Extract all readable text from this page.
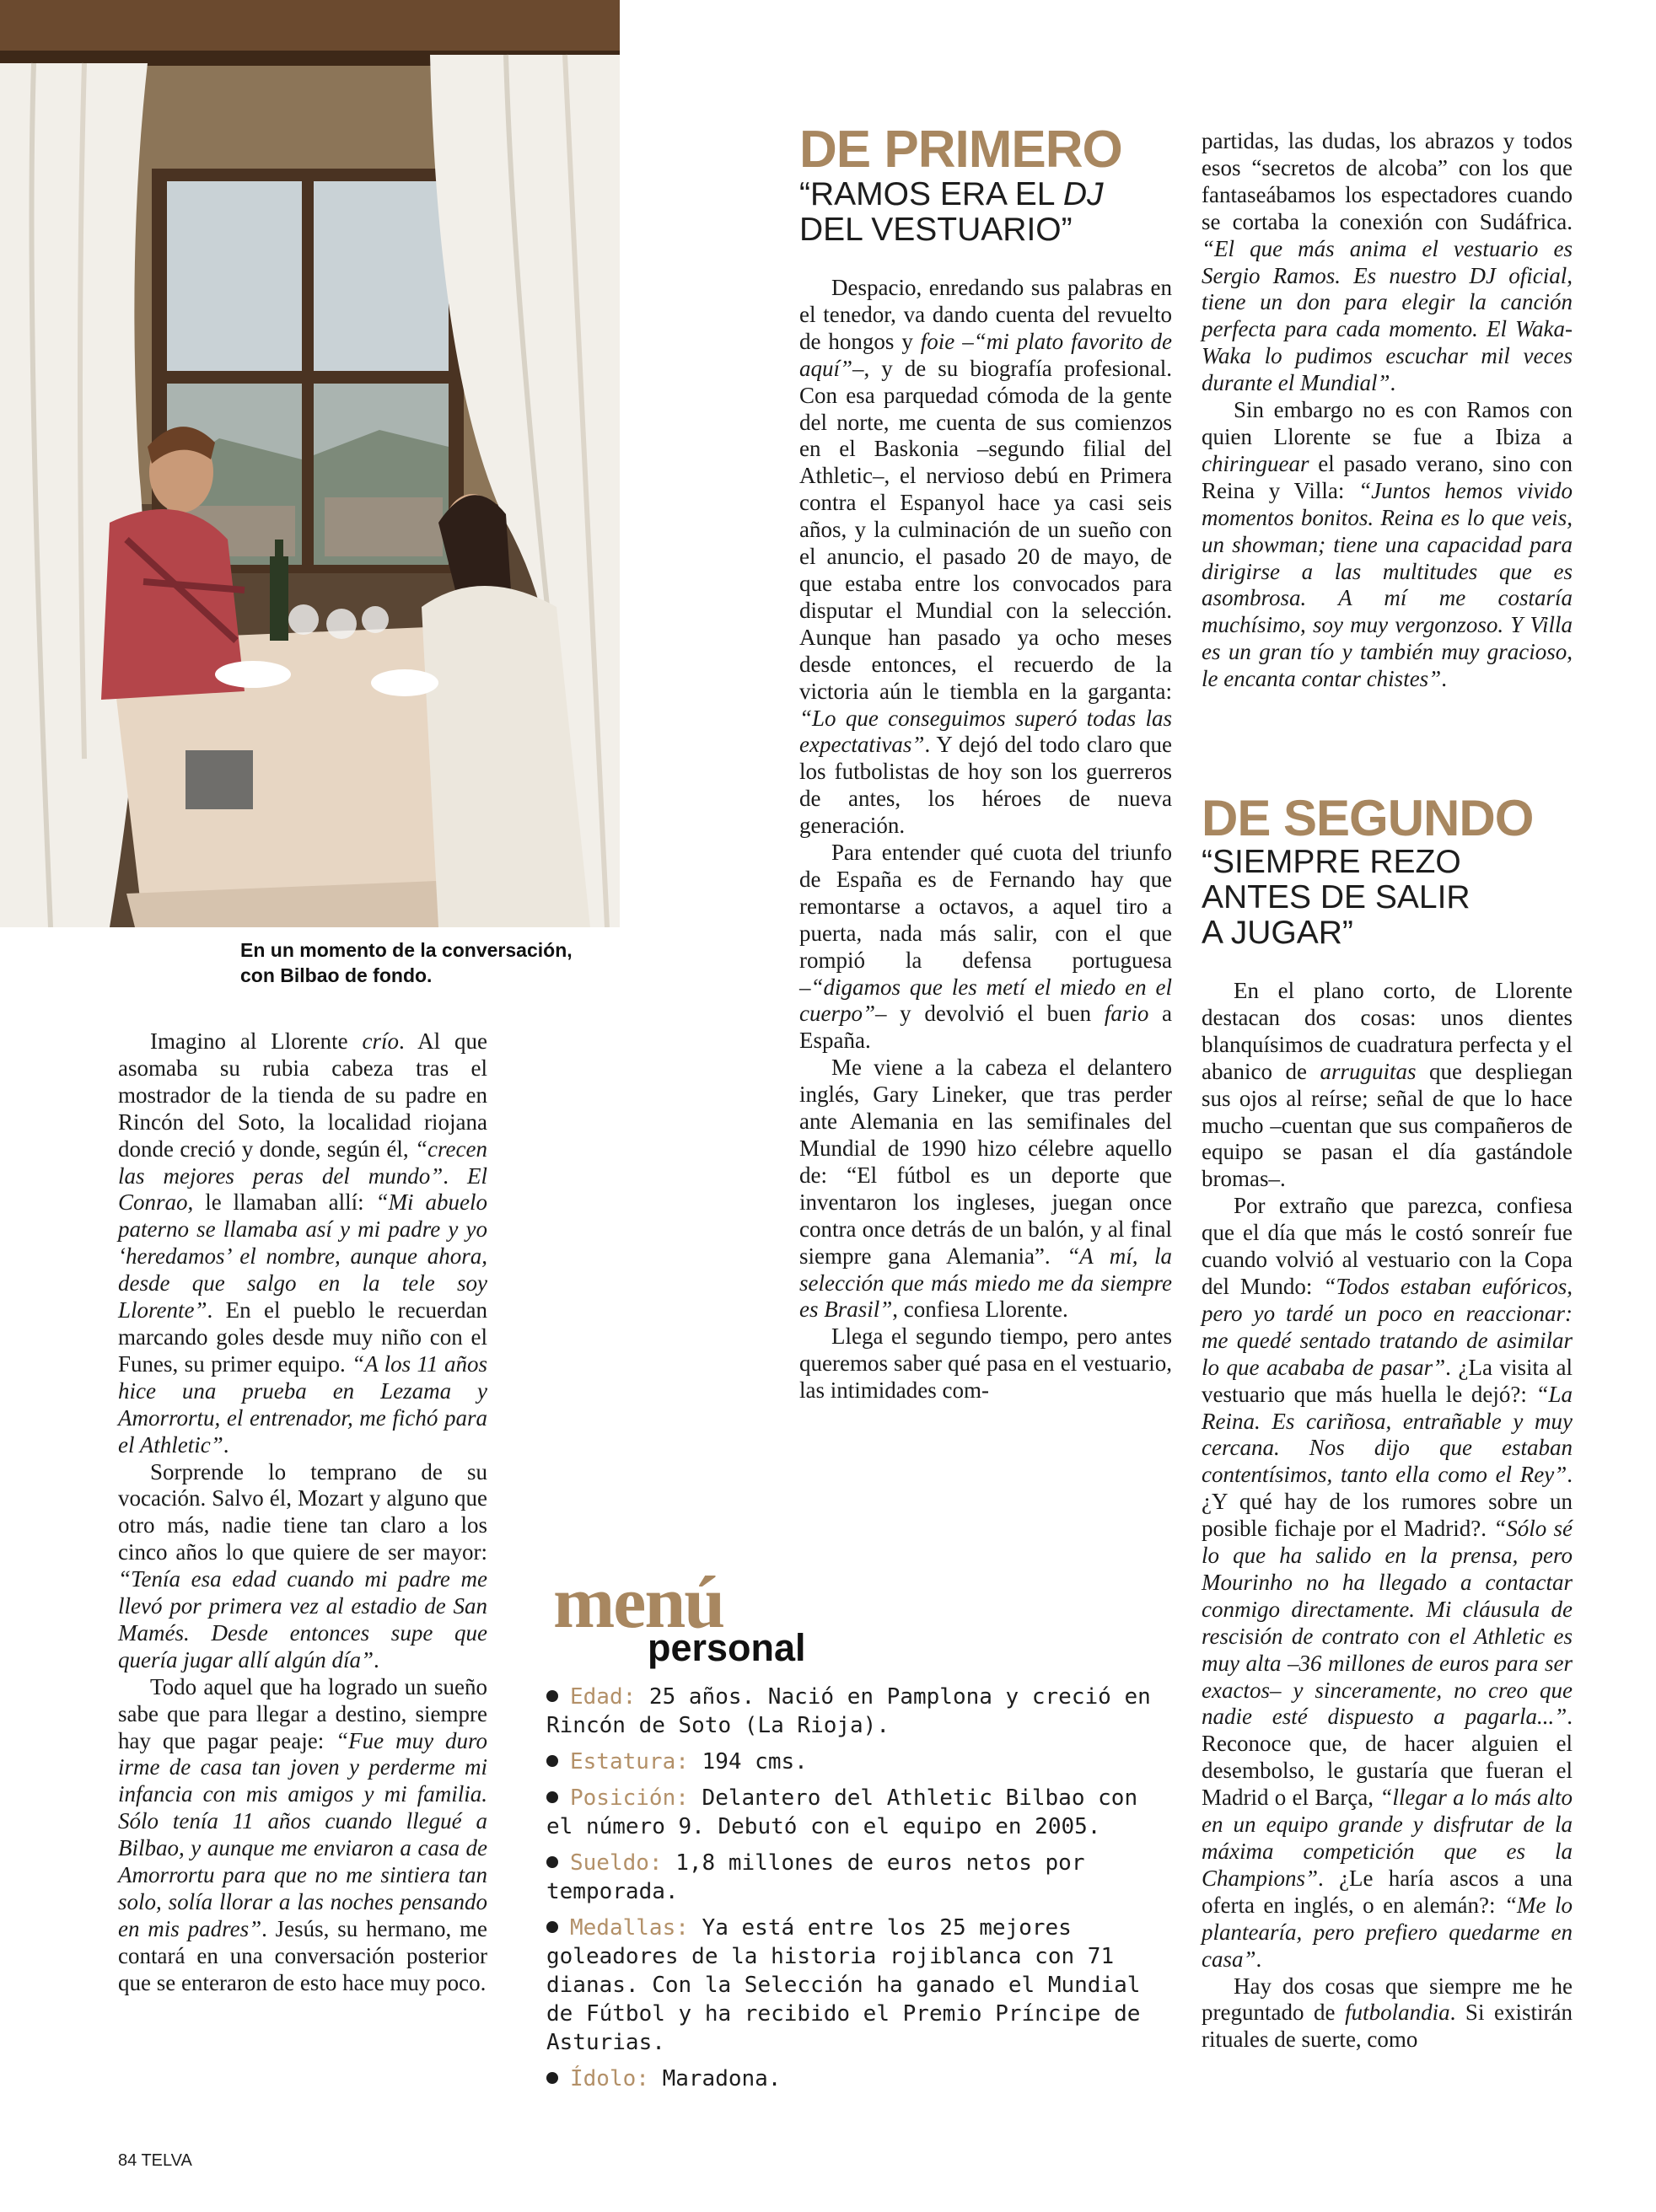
En un momento de la conversación,
con Bilbao de fondo.

Imagino al Llorente crío. Al que asomaba su rubia cabeza tras el mostrador de la tienda de su padre en Rincón del Soto, la localidad riojana donde creció y donde, según él, “crecen las mejores peras del mundo”. El Conrao, le llamaban allí: “Mi abuelo paterno se llamaba así y mi padre y yo ‘heredamos’ el nombre, aunque ahora, desde que salgo en la tele soy Llorente”. En el pueblo le recuerdan marcando goles desde muy niño con el Funes, su primer equipo. “A los 11 años hice una prueba en Lezama y Amorrortu, el entrenador, me fichó para el Athletic”.

Sorprende lo temprano de su vocación. Salvo él, Mozart y alguno que otro más, nadie tiene tan claro a los cinco años lo que quiere de ser mayor: “Tenía esa edad cuando mi padre me llevó por primera vez al estadio de San Mamés. Desde entonces supe que quería jugar allí algún día”.

Todo aquel que ha logrado un sueño sabe que para llegar a destino, siempre hay que pagar peaje: “Fue muy duro irme de casa tan joven y perderme mi infancia con mis amigos y mi familia. Sólo tenía 11 años cuando llegué a Bilbao, y aunque me enviaron a casa de Amorrortu para que no me sintiera tan solo, solía llorar a las noches pensando en mis padres”. Jesús, su hermano, me contará en una conversación posterior que se enteraron de esto hace muy poco.

DE PRIMERO
“RAMOS ERA EL DJ
DEL VESTUARIO”

Despacio, enredando sus palabras en el tenedor, va dando cuenta del revuelto de hongos y foie –“mi plato favorito de aquí”–, y de su biografía profesional. Con esa parquedad cómoda de la gente del norte, me cuenta de sus comienzos en el Baskonia –segundo filial del Athletic–, el nervioso debú en Primera contra el Espanyol hace ya casi seis años, y la culminación de un sueño con el anuncio, el pasado 20 de mayo, de que estaba entre los convocados para disputar el Mundial con la selección. Aunque han pasado ya ocho meses desde entonces, el recuerdo de la victoria aún le tiembla en la garganta: “Lo que conseguimos superó todas las expectativas”. Y dejó del todo claro que los futbolistas de hoy son los guerreros de antes, los héroes de nueva generación.

Para entender qué cuota del triunfo de España es de Fernando hay que remontarse a octavos, a aquel tiro a puerta, nada más salir, con el que rompió la defensa portuguesa –“digamos que les metí el miedo en el cuerpo”– y devolvió el buen fario a España.

Me viene a la cabeza el delantero inglés, Gary Lineker, que tras perder ante Alemania en las semifinales del Mundial de 1990 hizo célebre aquello de: “El fútbol es un deporte que inventaron los ingleses, juegan once contra once detrás de un balón, y al final siempre gana Alemania”. “A mí, la selección que más miedo me da siempre es Brasil”, confiesa Llorente.

Llega el segundo tiempo, pero antes queremos saber qué pasa en el vestuario, las intimidades com-

partidas, las dudas, los abrazos y todos esos “secretos de alcoba” con los que fantaseábamos los espectadores cuando se cortaba la conexión con Sudáfrica. “El que más anima el vestuario es Sergio Ramos. Es nuestro DJ oficial, tiene un don para elegir la canción perfecta para cada momento. El Waka-Waka lo pudimos escuchar mil veces durante el Mundial”.

Sin embargo no es con Ramos con quien Llorente se fue a Ibiza a chiringuear el pasado verano, sino con Reina y Villa: “Juntos hemos vivido momentos bonitos. Reina es lo que veis, un showman; tiene una capacidad para dirigirse a las multitudes que es asombrosa. A mí me costaría muchísimo, soy muy vergonzoso. Y Villa es un gran tío y también muy gracioso, le encanta contar chistes”.

DE SEGUNDO
“SIEMPRE REZO
ANTES DE SALIR
A JUGAR”

En el plano corto, de Llorente destacan dos cosas: unos dientes blanquísimos de cuadratura perfecta y el abanico de arruguitas que despliegan sus ojos al reírse; señal de que lo hace mucho –cuentan que sus compañeros de equipo se pasan el día gastándole bromas–.

Por extraño que parezca, confiesa que el día que más le costó sonreír fue cuando volvió al vestuario con la Copa del Mundo: “Todos estaban eufóricos, pero yo tardé un poco en reaccionar: me quedé sentado tratando de asimilar lo que acababa de pasar”. ¿La visita al vestuario que más huella le dejó?: “La Reina. Es cariñosa, entrañable y muy cercana. Nos dijo que estaban contentísimos, tanto ella como el Rey”. ¿Y qué hay de los rumores sobre un posible fichaje por el Madrid?. “Sólo sé lo que ha salido en la prensa, pero Mourinho no ha llegado a contactar conmigo directamente. Mi cláusula de rescisión de contrato con el Athletic es muy alta –36 millones de euros para ser exactos– y sinceramente, no creo que nadie esté dispuesto a pagarla...”. Reconoce que, de hacer alguien el desembolso, le gustaría que fueran el Madrid o el Barça, “llegar a lo más alto en un equipo grande y disfrutar de la máxima competición que es la Champions”. ¿Le haría ascos a una oferta en inglés, o en alemán?: “Me lo plantearía, pero prefiero quedarme en casa”.

Hay dos cosas que siempre me he preguntado de futbolandia. Si existirán rituales de suerte, como

menú
personal
Edad: 25 años. Nació en Pamplona y creció en Rincón de Soto (La Rioja).
Estatura: 194 cms.
Posición: Delantero del Athletic Bilbao con el número 9. Debutó con el equipo en 2005.
Sueldo: 1,8 millones de euros netos por temporada.
Medallas: Ya está entre los 25 mejores goleadores de la historia rojiblanca con 71 dianas. Con la Selección ha ganado el Mundial de Fútbol y ha recibido el Premio Príncipe de Asturias.
Ídolo: Maradona.
84 TELVA
